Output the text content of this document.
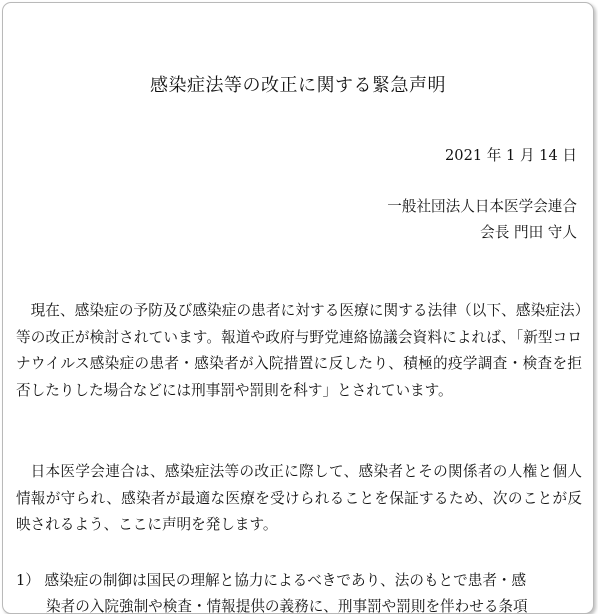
感染症法等の改正に関する緊急声明
2021 年 1 月 14 日
一般社団法人日本医学会連合
会長 門田 守人

現在、感染症の予防及び感染症の患者に対する医療に関する法律（以下、感染症法）等の改正が検討されています。報道や政府与野党連絡協議会資料によれば、「新型コロナウイルス感染症の患者・感染者が入院措置に反したり、積極的疫学調査・検査を拒否したりした場合などには刑事罰や罰則を科す」とされています。

日本医学会連合は、感染症法等の改正に際して、感染者とその関係者の人権と個人情報が守られ、感染者が最適な医療を受けられることを保証するため、次のことが反映されるよう、ここに声明を発します。

1） 感染症の制御は国民の理解と協力によるべきであり、法のもとで患者・感

染者の入院強制や検査・情報提供の義務に、刑事罰や罰則を伴わせる条項
